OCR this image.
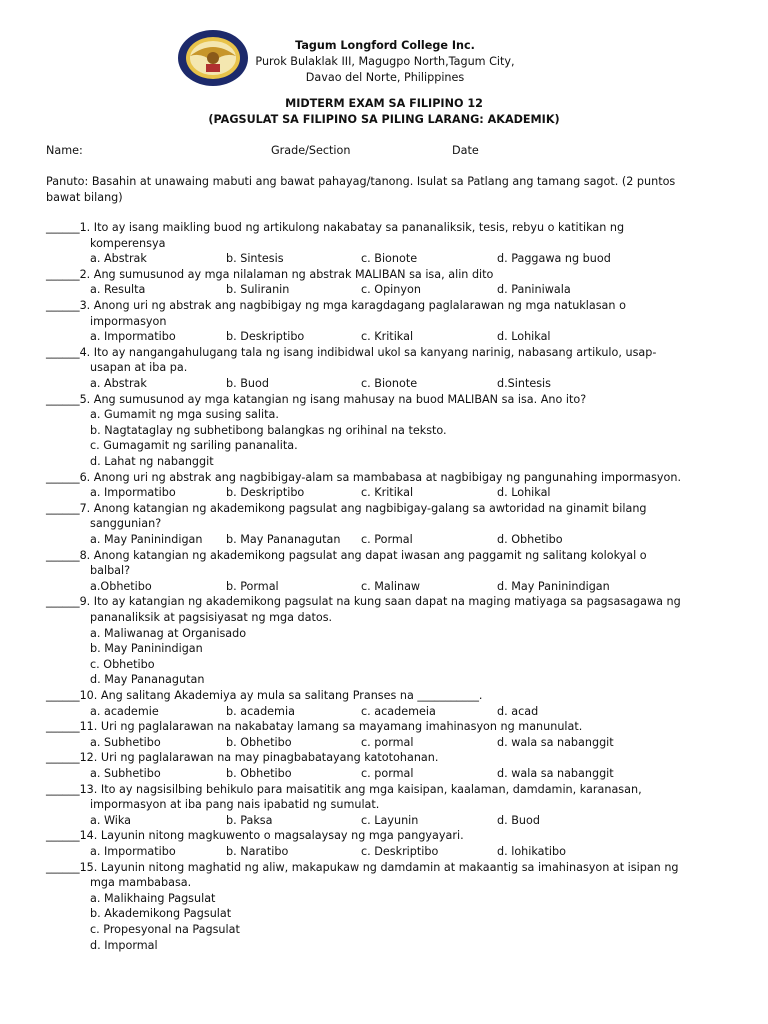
Tagum Longford College Inc.
Purok Bulaklak III, Magugpo North,Tagum City,
Davao del Norte, Philippines
MIDTERM EXAM SA FILIPINO 12
(PAGSULAT SA FILIPINO SA PILING LARANG: AKADEMIK)
Name:	Grade/Section	Date
Panuto: Basahin at unawaing mabuti ang bawat pahayag/tanong. Isulat sa Patlang ang tamang sagot. (2 puntos
bawat bilang)
______1. Ito ay isang maikling buod ng artikulong nakabatay sa pananaliksik, tesis, rebyu o katitikan ng
komperensya
a. Abstrak	b. Sintesis	c. Bionote	d. Paggawa ng buod
______2. Ang sumusunod ay mga nilalaman ng abstrak MALIBAN sa isa, alin dito
a. Resulta	b. Suliranin	c. Opinyon	d. Paniniwala
______3. Anong uri ng abstrak ang nagbibigay ng mga karagdagang paglalarawan ng mga natuklasan o
impormasyon
a. Impormatibo	b. Deskriptibo	c. Kritikal	d. Lohikal
______4. Ito ay nangangahulugang tala ng isang indibidwal ukol sa kanyang narinig, nabasang artikulo, usap-
usapan at iba pa.
a. Abstrak	b. Buod	c. Bionote	d.Sintesis
______5. Ang sumusunod ay mga katangian ng isang mahusay na buod MALIBAN sa isa. Ano ito?
a. Gumamit ng mga susing salita.
b. Nagtataglay ng subhetibong balangkas ng orihinal na teksto.
c. Gumagamit ng sariling pananalita.
d. Lahat ng nabanggit
______6. Anong uri ng abstrak ang nagbibigay-alam sa mambabasa at nagbibigay ng pangunahing impormasyon.
a. Impormatibo	b. Deskriptibo	c. Kritikal	d. Lohikal
______7. Anong katangian ng akademikong pagsulat ang nagbibigay-galang sa awtoridad na ginamit bilang
sanggunian?
a. May Paninindigan b. May Pananagutan c. Pormal	d. Obhetibo
______8. Anong katangian ng akademikong pagsulat ang dapat iwasan ang paggamit ng salitang kolokyal o
balbal?
a.Obhetibo	b. Pormal	c. Malinaw	d. May Paninindigan
______9. Ito ay katangian ng akademikong pagsulat na kung saan dapat na maging matiyaga sa pagsasagawa ng
pananaliksik at pagsisiyasat ng mga datos.
a. Maliwanag at Organisado
b. May Paninindigan
c. Obhetibo
d. May Pananagutan
______10. Ang salitang Akademiya ay mula sa salitang Pranses na ___________.
a. academie	b. academia	c. academeia	d. acad
______11. Uri ng paglalarawan na nakabatay lamang sa mayamang imahinasyon ng manunulat.
a. Subhetibo	b. Obhetibo	c. pormal	d. wala sa nabanggit
______12. Uri ng paglalarawan na may pinagbabatayang katotohanan.
a. Subhetibo	b. Obhetibo	c. pormal	d. wala sa nabanggit
______13. Ito ay nagsisilbing behikulo para maisatitik ang mga kaisipan, kaalaman, damdamin, karanasan,
impormasyon at iba pang nais ipabatid ng sumulat.
a. Wika	b. Paksa	c. Layunin	d. Buod
______14. Layunin nitong magkuwento o magsalaysay ng mga pangyayari.
a. Impormatibo	b. Naratibo	c. Deskriptibo	d. lohikatibo
______15. Layunin nitong maghatid ng aliw, makapukaw ng damdamin at makaantig sa imahinasyon at isipan ng
mga mambabasa.
a. Malikhaing Pagsulat
b. Akademikong Pagsulat
c. Propesyonal na Pagsulat
d. Impormal
